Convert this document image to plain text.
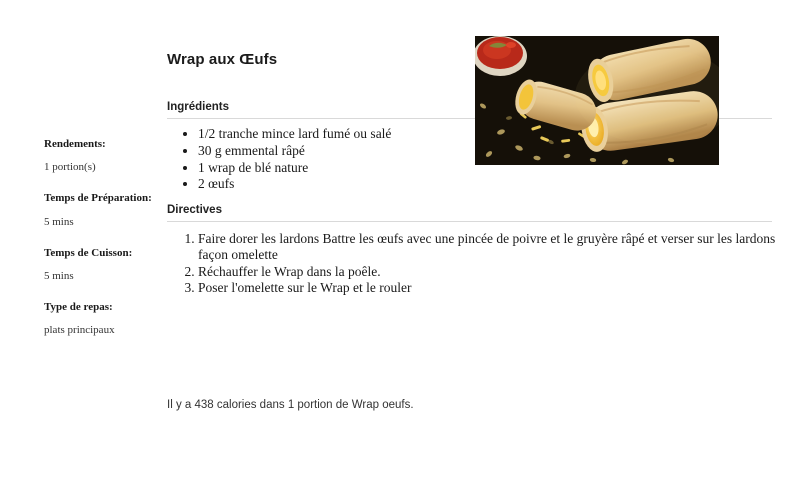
Rendements:
1 portion(s)
Temps de Préparation:
5 mins
Temps de Cuisson:
5 mins
Type de repas:
plats principaux
Wrap aux Œufs
Ingrédients
• 1/2 tranche mince lard fumé ou salé
• 30 g emmental râpé
• 1 wrap de blé nature
• 2 œufs
Directives
1. Faire dorer les lardons Battre les œufs avec une pincée de poivre et le gruyère râpé et verser sur les lardons façon omelette
2. Réchauffer le Wrap dans la poêle.
3. Poser l'omelette sur le Wrap et le rouler
Il y a 438 calories dans 1 portion de Wrap oeufs.
